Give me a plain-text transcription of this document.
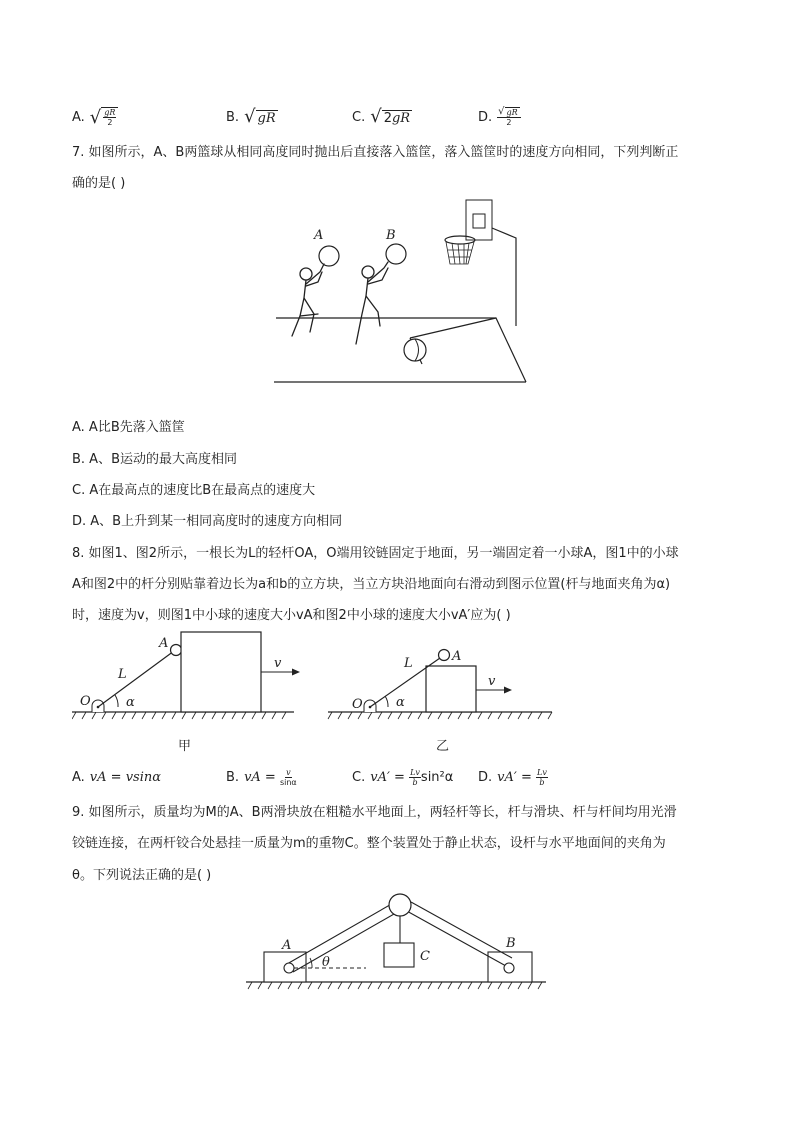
A. √ $\frac{gR}{2}$	B. √ gR	C. √ 2gR	D. $\frac{√ gR}{2}$
7. 如图所示，A、B两篮球从相同高度同时抛出后直接落入篮筐，落入篮筐时的速度方向相同，下列判断正
确的是( )
A	B
A. A比B先落入篮筐
B. A、B运动的最大高度相同
C. A在最高点的速度比B在最高点的速度大
D. A、B上升到某一相同高度时的速度方向相同
8. 如图1、图2所示，一根长为L的轻杆OA，O端用铰链固定于地面，另一端固定着一小球A，图1中的小球
A和图2中的杆分别贴靠着边长为a和b的立方块，当立方块沿地面向右滑动到图示位置(杆与地面夹角为α)
时，速度为v，则图1中小球的速度大小vA和图2中小球的速度大小vA′应为( )
A
L
O	α
v
甲
A
L
O	α
v
乙
A. vA = vsinα	B. vA = $\frac{v}{\sin\alpha}$	C. $vA' = \frac{Lv}{b} \sin^2\alpha$ D. $vA' = \frac{Lv}{b}$
9. 如图所示，质量均为M的A、B两滑块放在粗糙水平地面上，两轻杆等长，杆与滑块、杆与杆间均用光滑
铰链连接，在两杆铰合处悬挂一质量为m的重物C。整个装置处于静止状态，设杆与水平地面间的夹角为
θ。下列说法正确的是( )
A	B
C
θ
